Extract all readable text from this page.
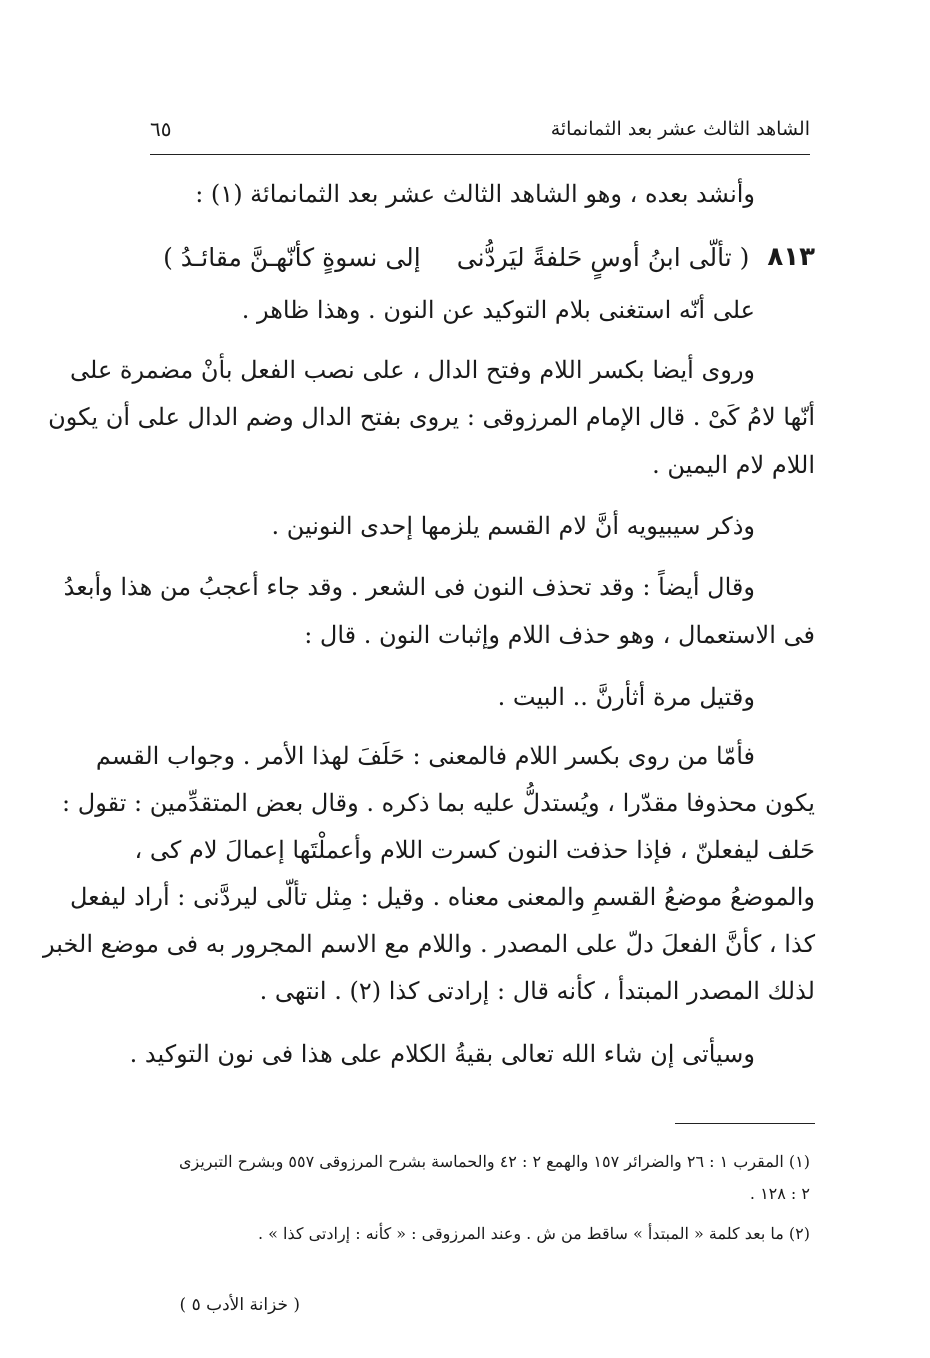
الشاهد الثالث عشر بعد الثمانمائة
٦٥
وأنشد بعده ، وهو الشاهد الثالث عشر بعد الثمانمائة (١) :
٨١٣
( تألّى ابنُ أوسٍ حَلفةً ليَردُّنى
إلى نسوةٍ كأنّهـنَّ مقائـدُ )
على أنّه استغنى بلام التوكيد عن النون . وهذا ظاهر .
وروى أيضا بكسر اللام وفتح الدال ، على نصب الفعل بأنْ مضمرة على
أنّها لامُ كَىْ . قال الإمام المرزوقى : يروى بفتح الدال وضم الدال على أن يكون
اللام لام اليمين .
وذكر سيبيويه أنَّ لام القسم يلزمها إحدى النونين .
وقال أيضاً : وقد تحذف النون فى الشعر . وقد جاء أعجبُ من هذا وأبعدُ
فى الاستعمال ، وهو حذف اللام وإثبات النون . قال :
وقتيل مرة أثأرنَّ .. البيت .
فأمّا من روى بكسر اللام فالمعنى : حَلَفَ لهذا الأمر . وجواب القسم
يكون محذوفا مقدّرا ، ويُستدلُّ عليه بما ذكره . وقال بعض المتقدِّمين : تقول :
حَلف ليفعلنّ ، فإذا حذفت النون كسرت اللام وأعملْتَها إعمالَ لام كى ،
والموضعُ موضعُ القسمِ والمعنى معناه . وقيل : مِثل تألّى ليردَّنى : أراد ليفعل
كذا ، كأنَّ الفعلَ دلّ على المصدر . واللام مع الاسم المجرور به فى موضع الخبر
لذلك المصدر المبتدأ ، كأنه قال : إرادتى كذا (٢) . انتهى .
وسيأتى إن شاء الله تعالى بقيةُ الكلام على هذا فى نون التوكيد .
(١) المقرب ١ : ٢٦ والضرائر ١٥٧ والهمع ٢ : ٤٢ والحماسة بشرح المرزوقى ٥٥٧ وبشرح التبريزى
٢ : ١٢٨ .
(٢) ما بعد كلمة « المبتدأ » ساقط من ش . وعند المرزوقى : « كأنه : إرادتى كذا » .
( خزانة الأدب ٥ )
